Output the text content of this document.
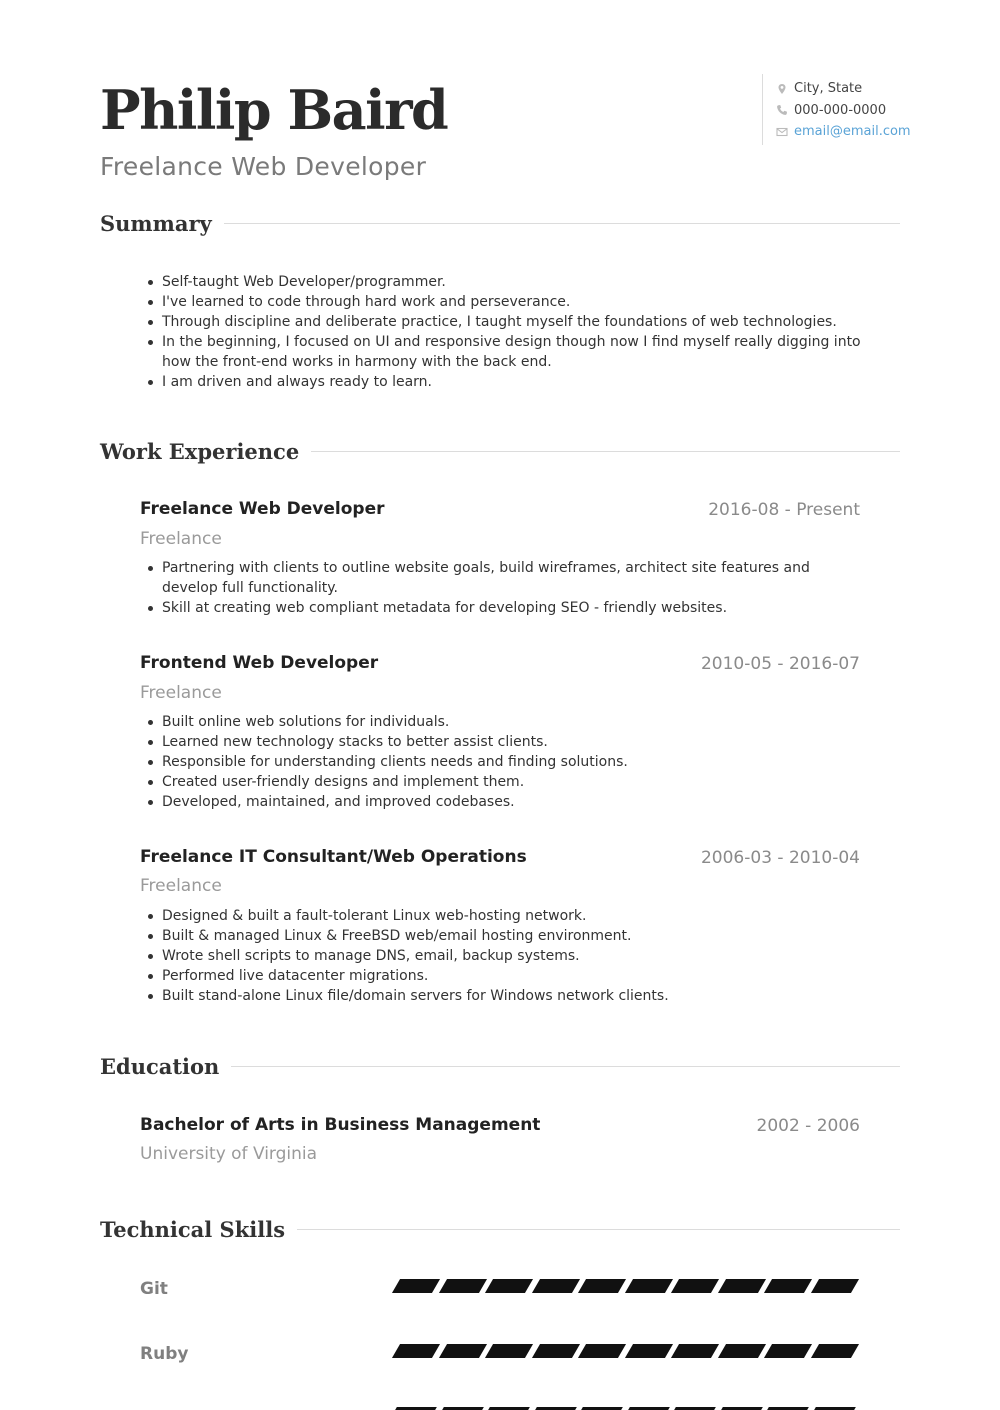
Philip Baird
Freelance Web Developer
City, State
000-000-0000
email@email.com
Summary
Self-taught Web Developer/programmer.
I've learned to code through hard work and perseverance.
Through discipline and deliberate practice, I taught myself the foundations of web technologies.
In the beginning, I focused on UI and responsive design though now I find myself really digging into how the front-end works in harmony with the back end.
I am driven and always ready to learn.
Work Experience
Freelance Web Developer	2016-08 - Present
Freelance
Partnering with clients to outline website goals, build wireframes, architect site features and develop full functionality.
Skill at creating web compliant metadata for developing SEO - friendly websites.
Frontend Web Developer	2010-05 - 2016-07
Freelance
Built online web solutions for individuals.
Learned new technology stacks to better assist clients.
Responsible for understanding clients needs and finding solutions.
Created user-friendly designs and implement them.
Developed, maintained, and improved codebases.
Freelance IT Consultant/Web Operations	2006-03 - 2010-04
Freelance
Designed & built a fault-tolerant Linux web-hosting network.
Built & managed Linux & FreeBSD web/email hosting environment.
Wrote shell scripts to manage DNS, email, backup systems.
Performed live datacenter migrations.
Built stand-alone Linux file/domain servers for Windows network clients.
Education
Bachelor of Arts in Business Management	2002 - 2006
University of Virginia
Technical Skills
Git
Ruby
